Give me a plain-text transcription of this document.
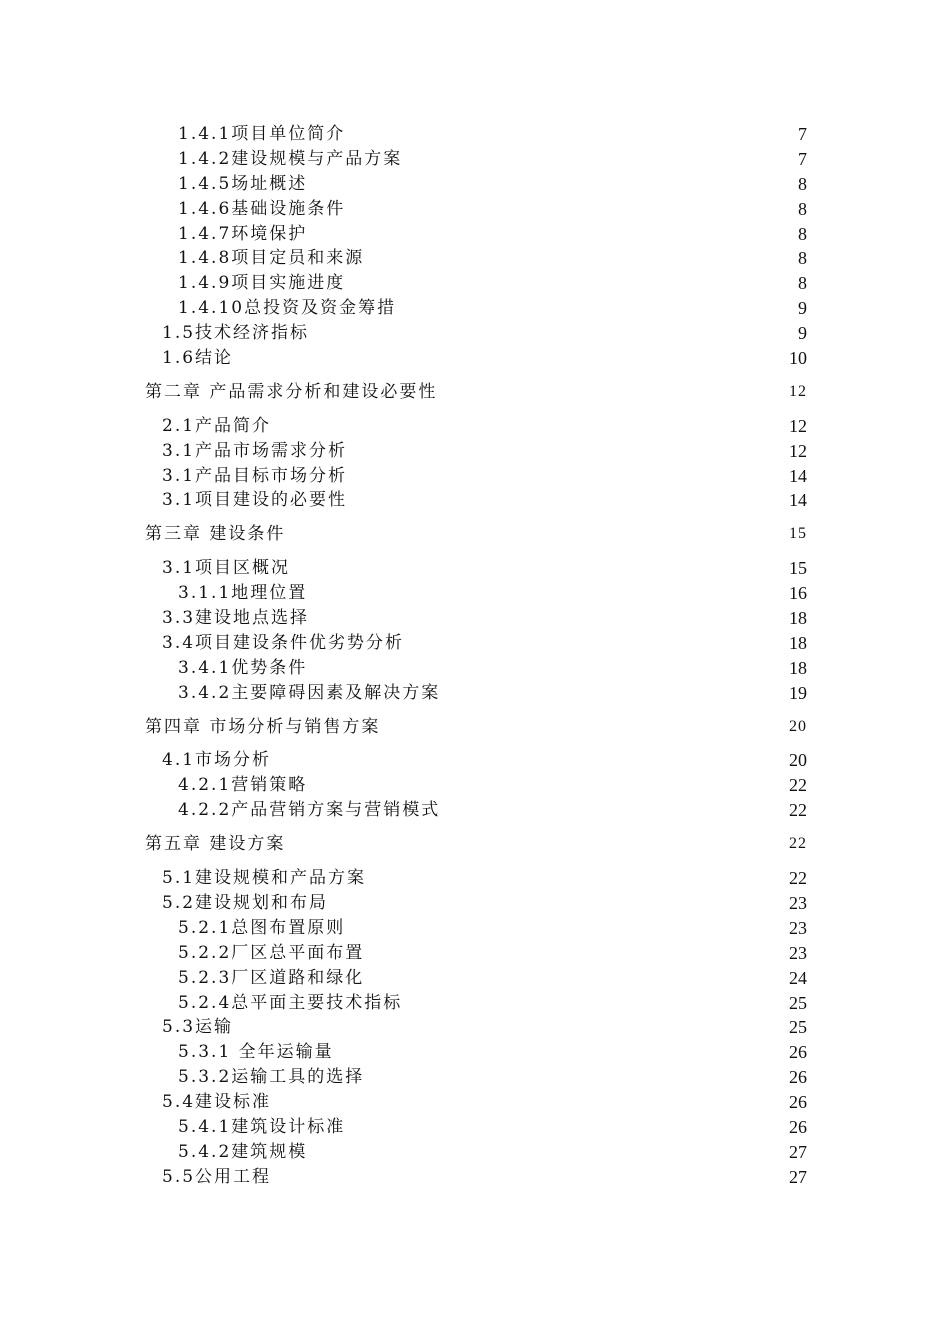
1.4.1项目单位简介	7
1.4.2建设规模与产品方案	7
1.4.5场址概述	8
1.4.6基础设施条件	8
1.4.7环境保护	8
1.4.8项目定员和来源	8
1.4.9项目实施进度	8
1.4.10总投资及资金筹措	9
1.5技术经济指标	9
1.6结论	10
第二章 产品需求分析和建设必要性	12
2.1产品简介	12
3.1产品市场需求分析	12
3.1产品目标市场分析	14
3.1项目建设的必要性	14
第三章 建设条件	15
3.1项目区概况	15
3.1.1地理位置	16
3.3建设地点选择	18
3.4项目建设条件优劣势分析	18
3.4.1优势条件	18
3.4.2主要障碍因素及解决方案	19
第四章 市场分析与销售方案	20
4.1市场分析	20
4.2.1营销策略	22
4.2.2产品营销方案与营销模式	22
第五章 建设方案	22
5.1建设规模和产品方案	22
5.2建设规划和布局	23
5.2.1总图布置原则	23
5.2.2厂区总平面布置	23
5.2.3厂区道路和绿化	24
5.2.4总平面主要技术指标	25
5.3运输	25
5.3.1 全年运输量	26
5.3.2运输工具的选择	26
5.4建设标准	26
5.4.1建筑设计标准	26
5.4.2建筑规模	27
5.5公用工程	27
